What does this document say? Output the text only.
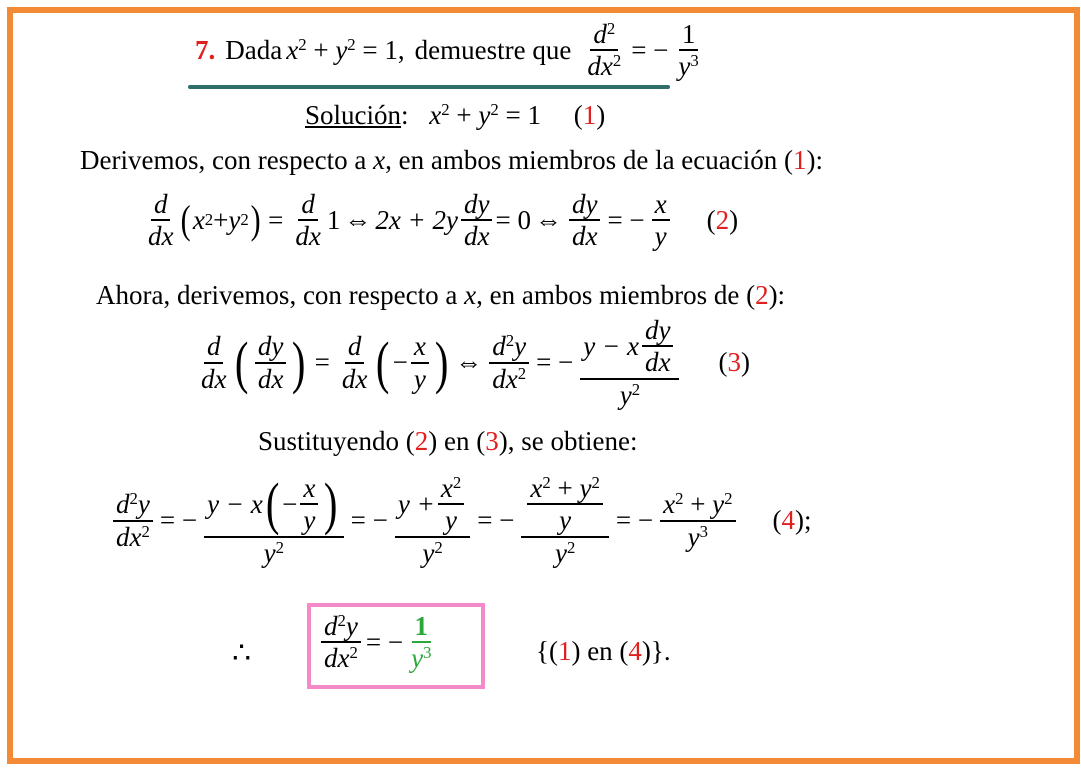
7. Dada $x^2 + y^2 = 1$, demuestre que $\frac{d^2}{dx^2}$ = − $\frac{1}{y^3}$
Solución: $x^2 + y^2 = 1$ (1)
Derivemos, con respecto a x, en ambos miembros de la ecuación (1):
$\frac{d}{dx}$ ( x 2 + y 2 ) = $\frac{d}{dx} 1$ ⇔ $2x + 2y \frac{dy}{dx} = 0$ ⇔ $\frac{dy}{dx}$ = − $\frac{x}{y} (2)$
Ahora, derivemos, con respecto a x, en ambos miembros de (2):
$\frac{d}{dx}$ ( $\frac{dy}{dx}$ ) = $\frac{d}{dx}$ ( − $\frac{x}{y}$ ) ⇔ $\frac{d^2y}{dx^2}$ = − $\frac{y - x \frac{dy}{dx}}{y^2} (3)$
Sustituyendo (2) en (3), se obtiene:
$\frac{d^2y}{dx^2}$ = − $\frac{y - x ( - \frac{x}{y} )}{y^2}$ = − $\frac{y + \frac{x^2}{y}}{y^2}$ = − $\frac{\frac{x^2 + y^2}{y}}{y^2}$ = − $\frac{x^2 + y^2}{y^3} (4)$;
∴	$\frac{d^2y}{dx^2}$ = − $\frac{1}{y^3}$	{(1) en (4)}.
